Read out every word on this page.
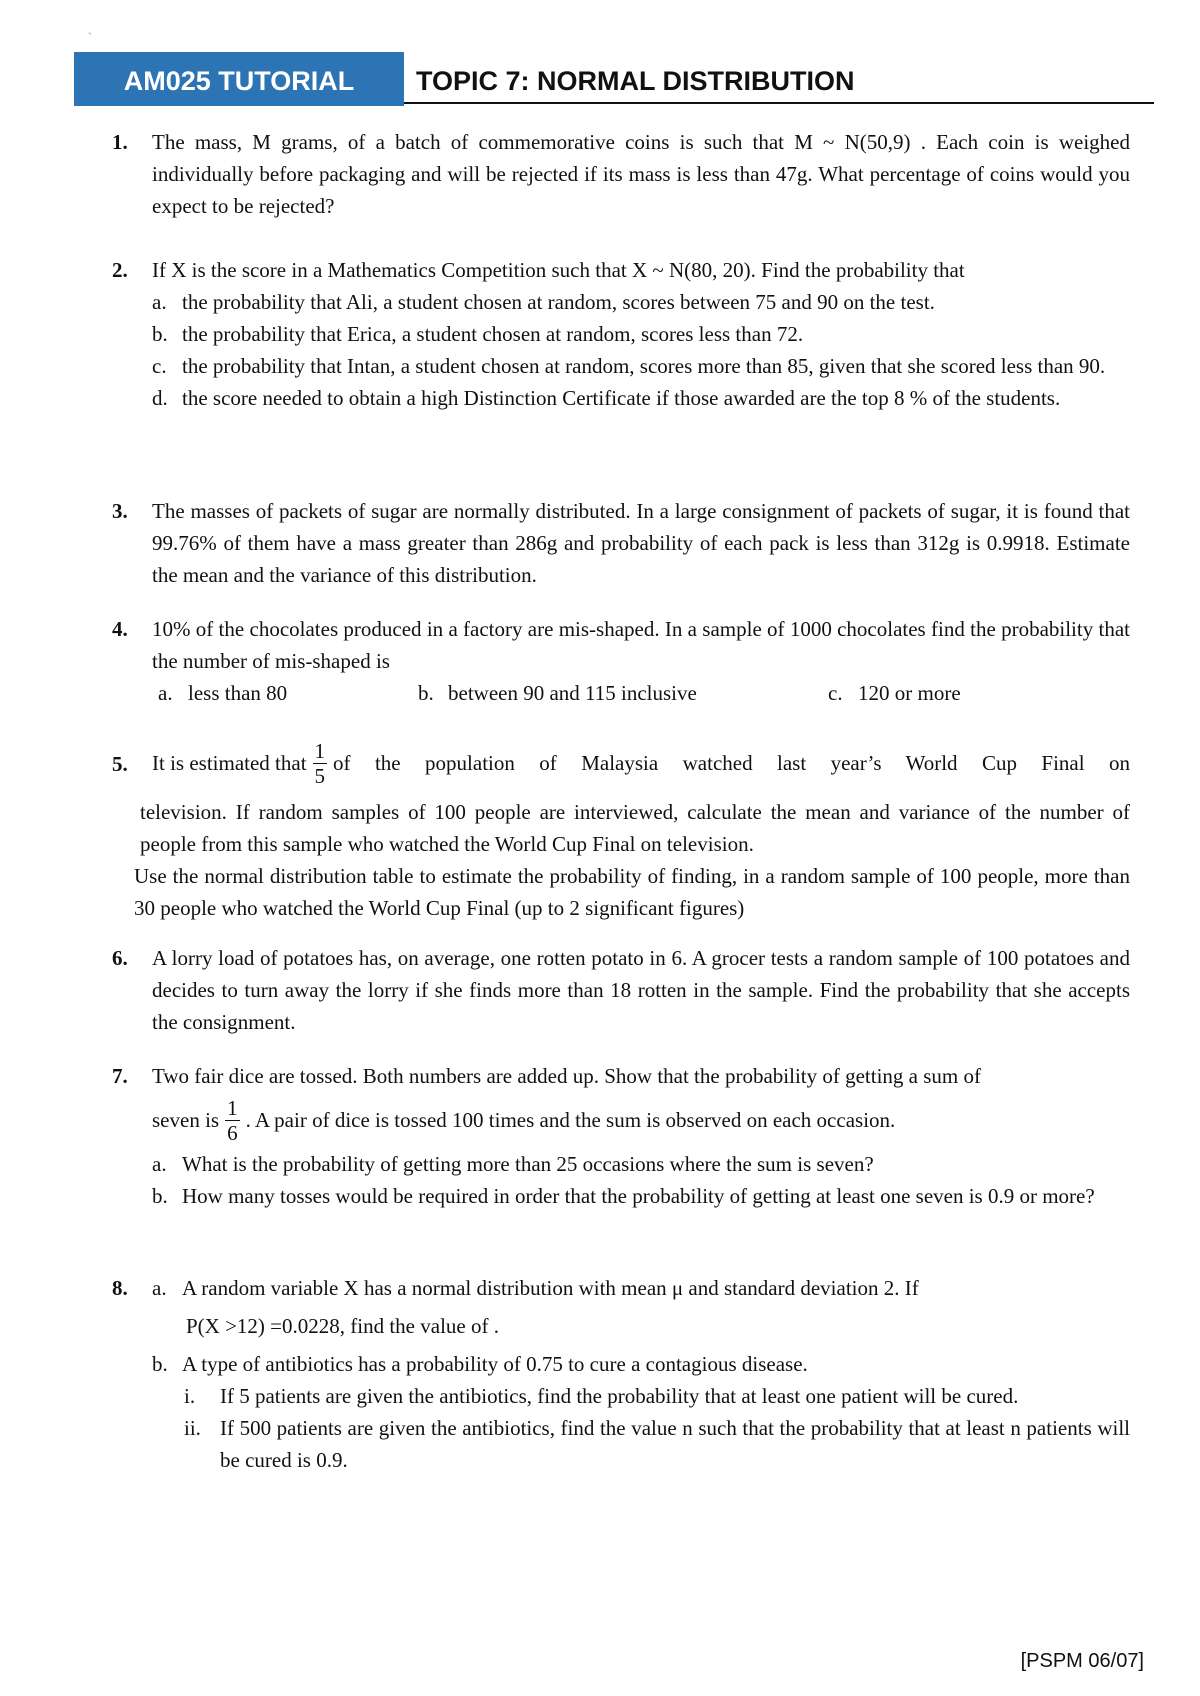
`
AM025 TUTORIAL	TOPIC 7: NORMAL DISTRIBUTION
1. The mass, M grams, of a batch of commemorative coins is such that M ~ N(50,9) . Each coin is weighed individually before packaging and will be rejected if its mass is less than 47g. What percentage of coins would you expect to be rejected?
2. If X is the score in a Mathematics Competition such that X ~ N(80, 20). Find the probability that
a. the probability that Ali, a student chosen at random, scores between 75 and 90 on the test.
b. the probability that Erica, a student chosen at random, scores less than 72.
c. the probability that Intan, a student chosen at random, scores more than 85, given that she scored less than 90.
d. the score needed to obtain a high Distinction Certificate if those awarded are the top 8 % of the students.
3. The masses of packets of sugar are normally distributed. In a large consignment of packets of sugar, it is found that 99.76% of them have a mass greater than 286g and probability of each pack is less than 312g is 0.9918. Estimate the mean and the variance of this distribution.
4. 10% of the chocolates produced in a factory are mis-shaped. In a sample of 1000 chocolates find the probability that the number of mis-shaped is
a. less than 80	b. between 90 and 115 inclusive	c. 120 or more
5. It is estimated that $\frac{1}{5}$ of the population of Malaysia watched last year’s World Cup Final on
television. If random samples of 100 people are interviewed, calculate the mean and variance of the number of people from this sample who watched the World Cup Final on television.
Use the normal distribution table to estimate the probability of finding, in a random sample of 100 people, more than 30 people who watched the World Cup Final (up to 2 significant figures)
6. A lorry load of potatoes has, on average, one rotten potato in 6. A grocer tests a random sample of 100 potatoes and decides to turn away the lorry if she finds more than 18 rotten in the sample. Find the probability that she accepts the consignment.
7. Two fair dice are tossed. Both numbers are added up. Show that the probability of getting a sum of
seven is $\frac{1}{6}$ . A pair of dice is tossed 100 times and the sum is observed on each occasion.
a. What is the probability of getting more than 25 occasions where the sum is seven?
b. How many tosses would be required in order that the probability of getting at least one seven is 0.9 or more?
8. a. A random variable X has a normal distribution with mean μ and standard deviation 2. If
P(X >12) =0.0228, find the value of .
b. A type of antibiotics has a probability of 0.75 to cure a contagious disease.
i. If 5 patients are given the antibiotics, find the probability that at least one patient will be cured.
ii. If 500 patients are given the antibiotics, find the value n such that the probability that at least n patients will be cured is 0.9.
[PSPM 06/07]
